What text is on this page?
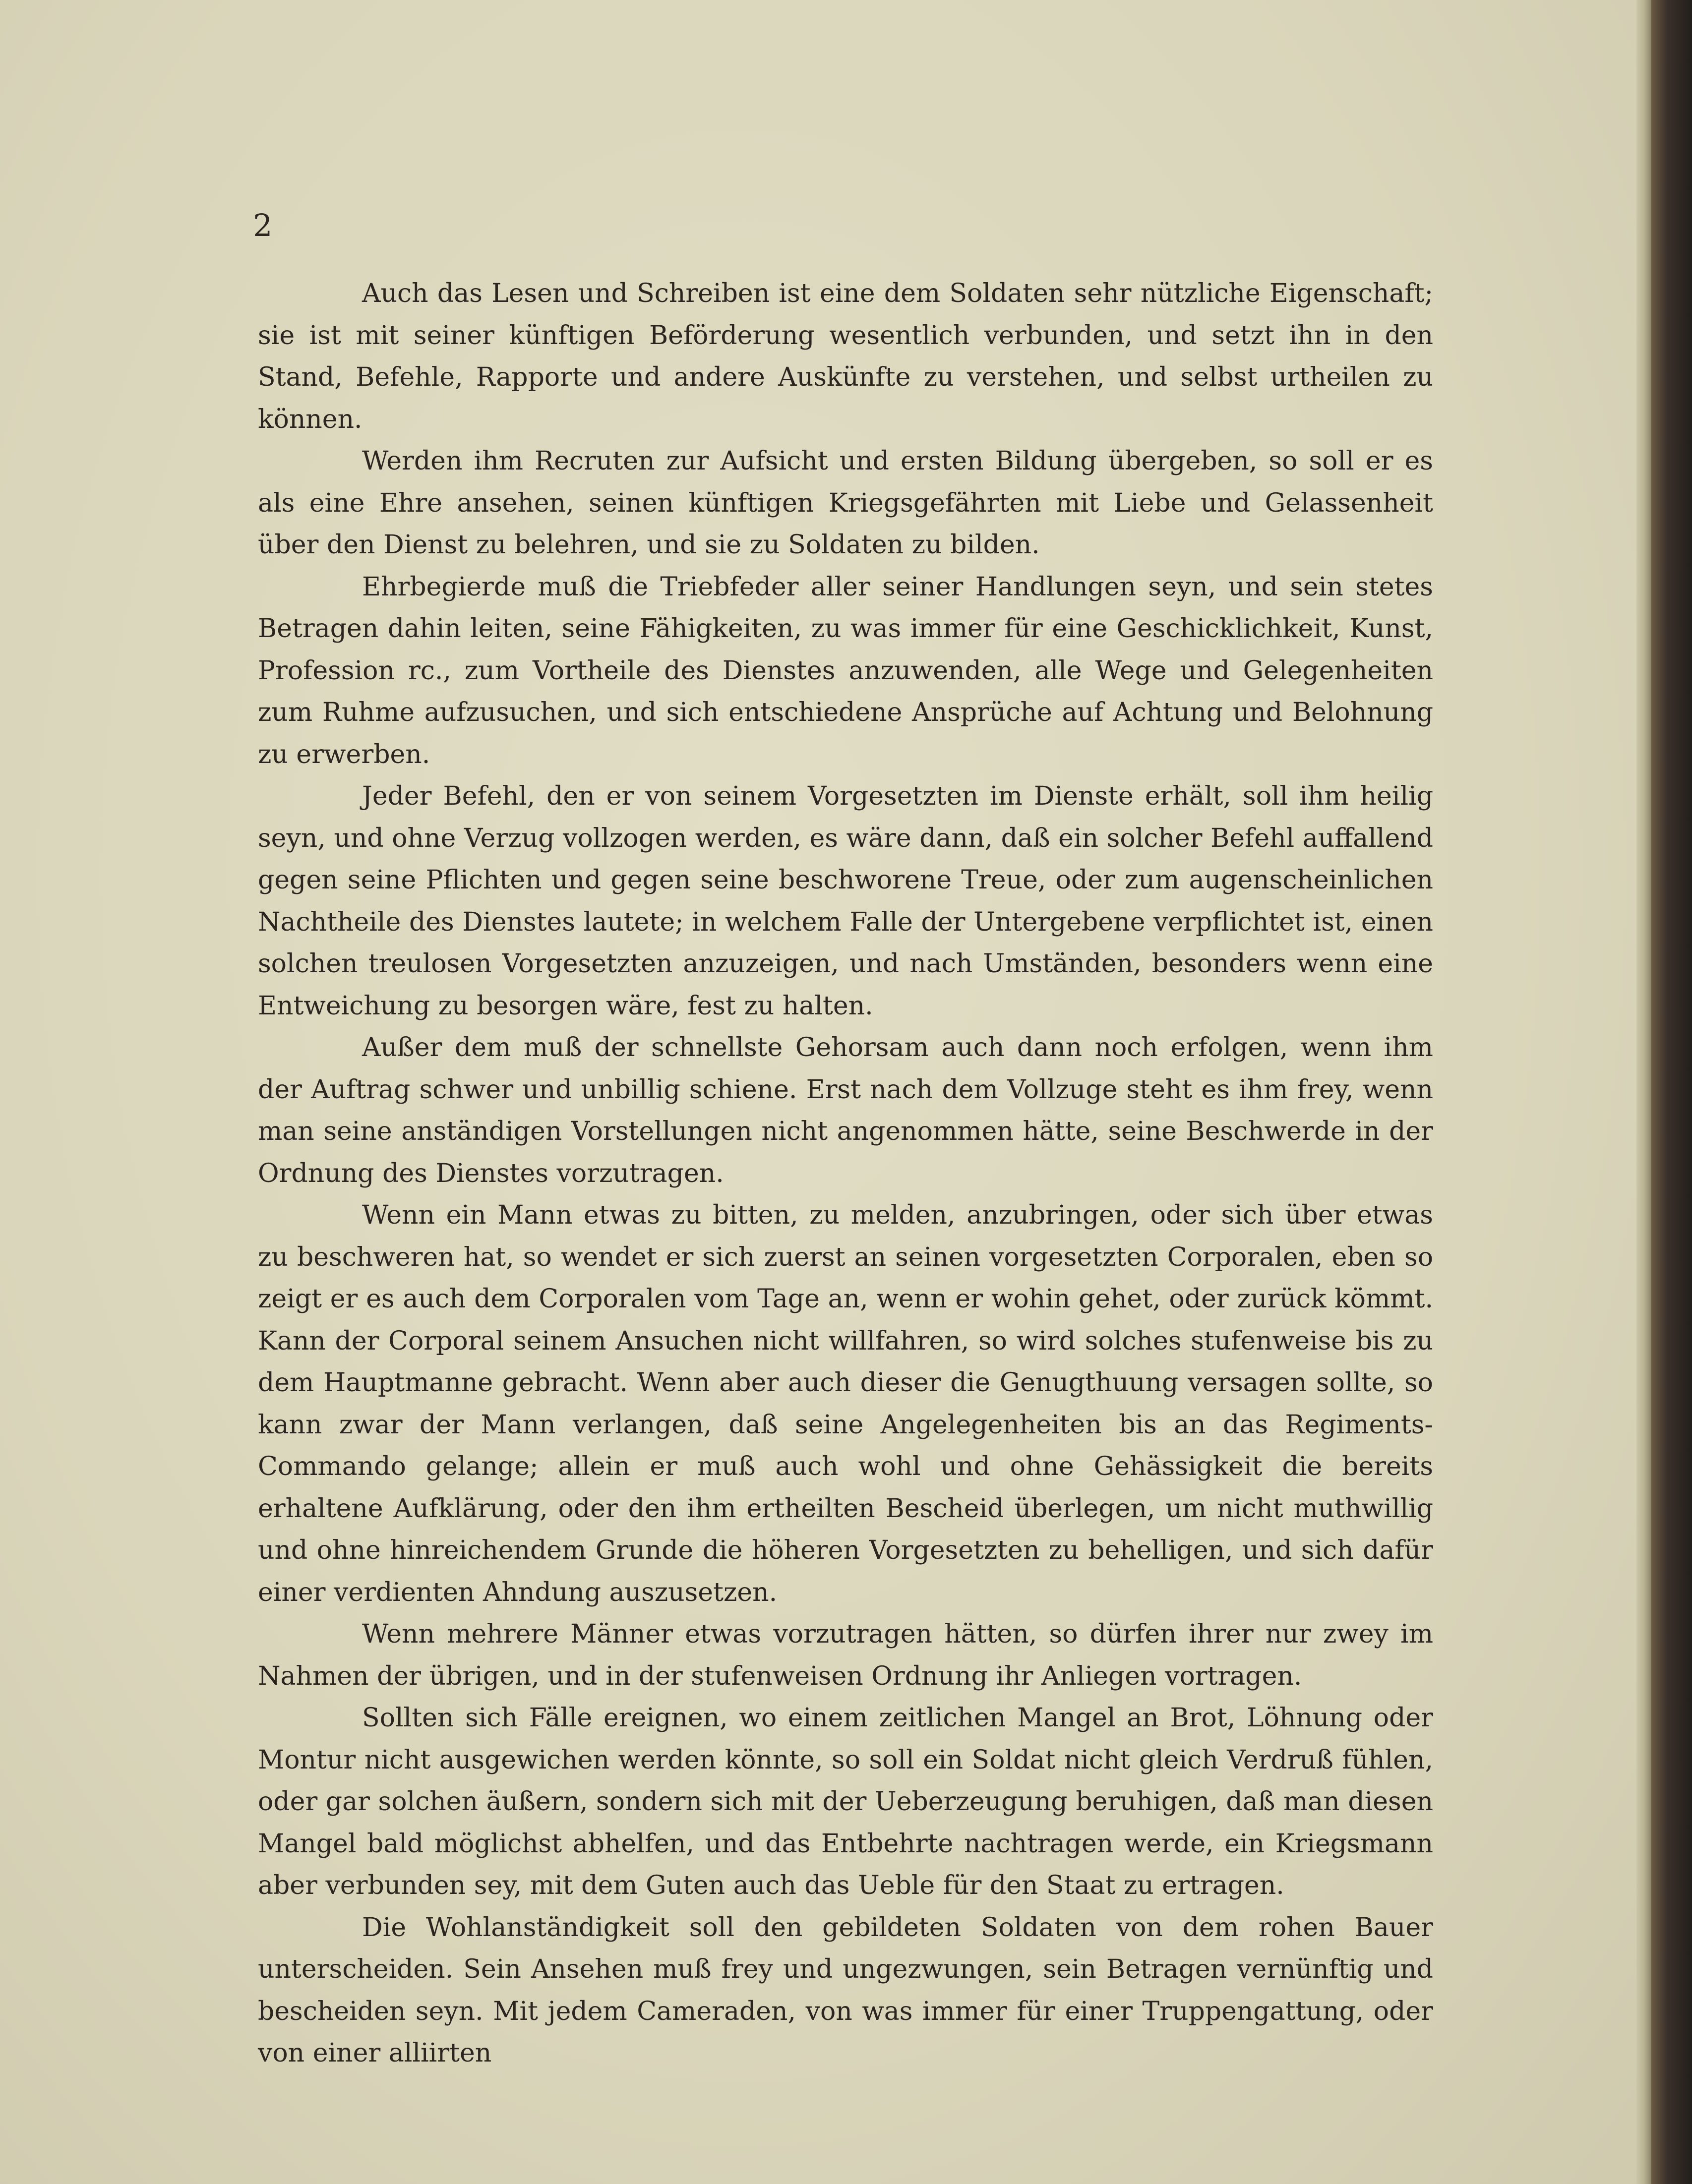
2

Auch das Lesen und Schreiben ist eine dem Soldaten sehr nützliche Eigenschaft; sie ist mit seiner künftigen Beförderung wesentlich verbunden, und setzt ihn in den Stand, Befehle, Rapporte und andere Auskünfte zu verstehen, und selbst urtheilen zu können.

Werden ihm Recruten zur Aufsicht und ersten Bildung übergeben, so soll er es als eine Ehre ansehen, seinen künftigen Kriegsgefährten mit Liebe und Gelassenheit über den Dienst zu belehren, und sie zu Soldaten zu bilden.

Ehrbegierde muß die Triebfeder aller seiner Handlungen seyn, und sein stetes Betragen dahin leiten, seine Fähigkeiten, zu was immer für eine Geschicklichkeit, Kunst, Profession rc., zum Vortheile des Dienstes anzuwenden, alle Wege und Gelegenheiten zum Ruhme aufzusuchen, und sich entschiedene Ansprüche auf Achtung und Belohnung zu erwerben.

Jeder Befehl, den er von seinem Vorgesetzten im Dienste erhält, soll ihm heilig seyn, und ohne Verzug vollzogen werden, es wäre dann, daß ein solcher Befehl auffallend gegen seine Pflichten und gegen seine beschworene Treue, oder zum augenscheinlichen Nachtheile des Dienstes lautete; in welchem Falle der Untergebene verpflichtet ist, einen solchen treulosen Vorgesetzten anzuzeigen, und nach Umständen, besonders wenn eine Entweichung zu besorgen wäre, fest zu halten.

Außer dem muß der schnellste Gehorsam auch dann noch erfolgen, wenn ihm der Auftrag schwer und unbillig schiene. Erst nach dem Vollzuge steht es ihm frey, wenn man seine anständigen Vorstellungen nicht angenommen hätte, seine Beschwerde in der Ordnung des Dienstes vorzutragen.

Wenn ein Mann etwas zu bitten, zu melden, anzubringen, oder sich über etwas zu beschweren hat, so wendet er sich zuerst an seinen vorgesetzten Corporalen, eben so zeigt er es auch dem Corporalen vom Tage an, wenn er wohin gehet, oder zurück kömmt. Kann der Corporal seinem Ansuchen nicht willfahren, so wird solches stufenweise bis zu dem Hauptmanne gebracht. Wenn aber auch dieser die Genugthuung versagen sollte, so kann zwar der Mann verlangen, daß seine Angelegenheiten bis an das Regiments-Commando gelange; allein er muß auch wohl und ohne Gehässigkeit die bereits erhaltene Aufklärung, oder den ihm ertheilten Bescheid überlegen, um nicht muthwillig und ohne hinreichendem Grunde die höheren Vorgesetzten zu behelligen, und sich dafür einer verdienten Ahndung auszusetzen.

Wenn mehrere Männer etwas vorzutragen hätten, so dürfen ihrer nur zwey im Nahmen der übrigen, und in der stufenweisen Ordnung ihr Anliegen vortragen.

Sollten sich Fälle ereignen, wo einem zeitlichen Mangel an Brot, Löhnung oder Montur nicht ausgewichen werden könnte, so soll ein Soldat nicht gleich Verdruß fühlen, oder gar solchen äußern, sondern sich mit der Ueberzeugung beruhigen, daß man diesen Mangel bald möglichst abhelfen, und das Entbehrte nachtragen werde, ein Kriegsmann aber verbunden sey, mit dem Guten auch das Ueble für den Staat zu ertragen.

Die Wohlanständigkeit soll den gebildeten Soldaten von dem rohen Bauer unterscheiden. Sein Ansehen muß frey und ungezwungen, sein Betragen vernünftig und bescheiden seyn. Mit jedem Cameraden, von was immer für einer Truppengattung, oder von einer alliirten
